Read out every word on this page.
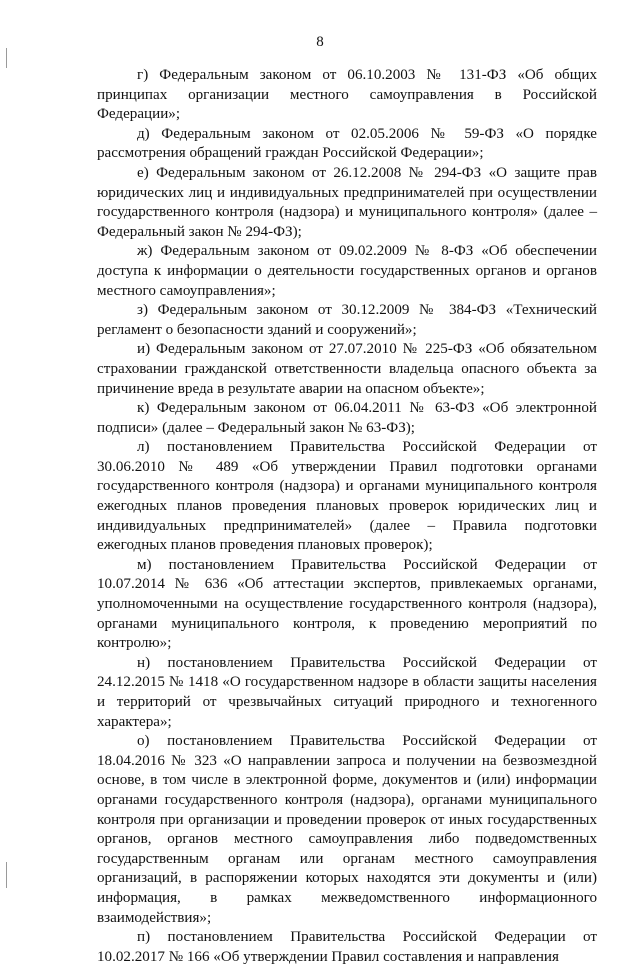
8

г) Федеральным законом от 06.10.2003 № 131-ФЗ «Об общих принципах организации местного самоуправления в Российской Федерации»;

д) Федеральным законом от 02.05.2006 № 59-ФЗ «О порядке рассмотрения обращений граждан Российской Федерации»;

е) Федеральным законом от 26.12.2008 № 294-ФЗ «О защите прав юридических лиц и индивидуальных предпринимателей при осуществлении государственного контроля (надзора) и муниципального контроля» (далее – Федеральный закон № 294-ФЗ);

ж) Федеральным законом от 09.02.2009 № 8-ФЗ «Об обеспечении доступа к информации о деятельности государственных органов и органов местного самоуправления»;

з) Федеральным законом от 30.12.2009 № 384-ФЗ «Технический регламент о безопасности зданий и сооружений»;

и) Федеральным законом от 27.07.2010 № 225-ФЗ «Об обязательном страховании гражданской ответственности владельца опасного объекта за причинение вреда в результате аварии на опасном объекте»;

к) Федеральным законом от 06.04.2011 № 63-ФЗ «Об электронной подписи» (далее – Федеральный закон № 63-ФЗ);

л) постановлением Правительства Российской Федерации от 30.06.2010 № 489 «Об утверждении Правил подготовки органами государственного контроля (надзора) и органами муниципального контроля ежегодных планов проведения плановых проверок юридических лиц и индивидуальных предпринимателей» (далее – Правила подготовки ежегодных планов проведения плановых проверок);

м) постановлением Правительства Российской Федерации от 10.07.2014 № 636 «Об аттестации экспертов, привлекаемых органами, уполномоченными на осуществление государственного контроля (надзора), органами муниципального контроля, к проведению мероприятий по контролю»;

н) постановлением Правительства Российской Федерации от 24.12.2015 № 1418 «О государственном надзоре в области защиты населения и территорий от чрезвычайных ситуаций природного и техногенного характера»;

о) постановлением Правительства Российской Федерации от 18.04.2016 № 323 «О направлении запроса и получении на безвозмездной основе, в том числе в электронной форме, документов и (или) информации органами государственного контроля (надзора), органами муниципального контроля при организации и проведении проверок от иных государственных органов, органов местного самоуправления либо подведомственных государственным органам или органам местного самоуправления организаций, в распоряжении которых находятся эти документы и (или) информация, в рамках межведомственного информационного взаимодействия»;

п) постановлением Правительства Российской Федерации от 10.02.2017 № 166 «Об утверждении Правил составления и направления
